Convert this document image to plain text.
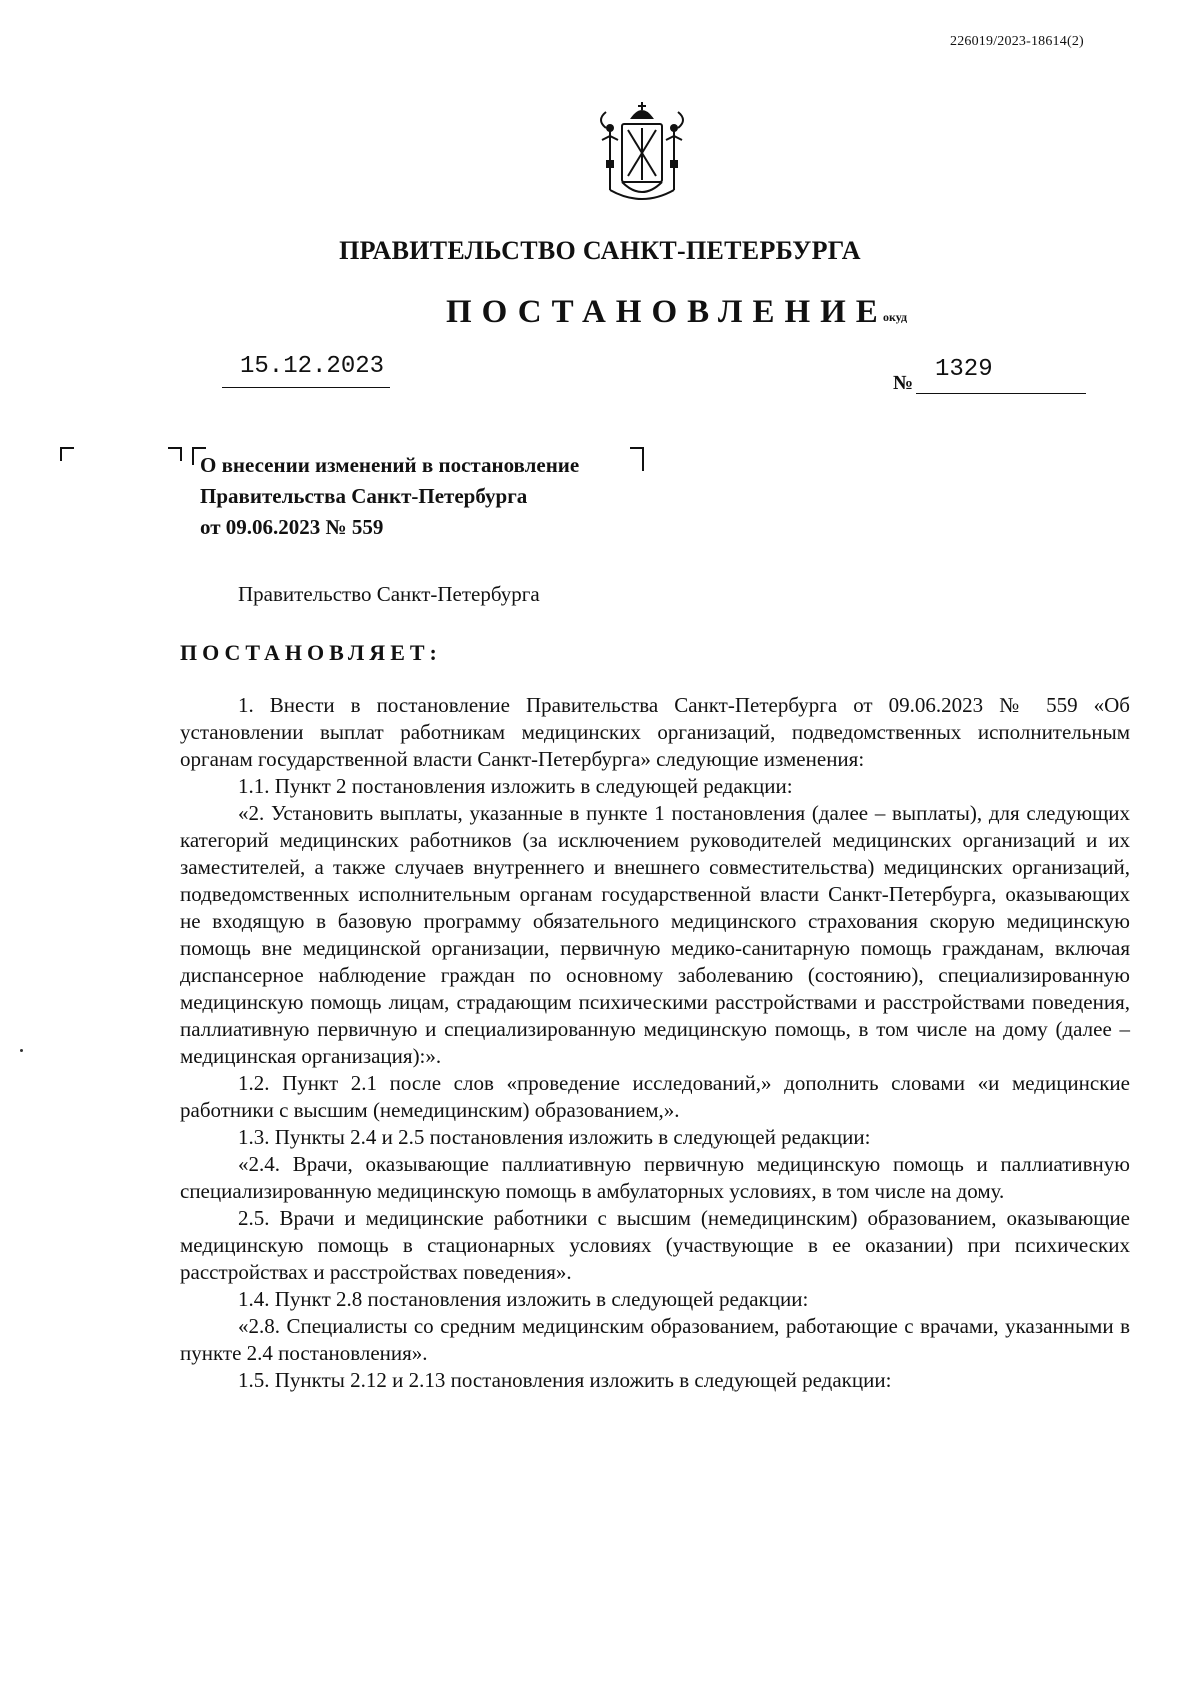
226019/2023-18614(2)
ПРАВИТЕЛЬСТВО САНКТ-ПЕТЕРБУРГА
ПОСТАНОВЛЕНИЕ
окуд
15.12.2023
№ 1329
О внесении изменений в постановление
Правительства Санкт-Петербурга
от 09.06.2023 № 559
Правительство Санкт-Петербурга
ПОСТАНОВЛЯЕТ:

1. Внести в постановление Правительства Санкт-Петербурга от 09.06.2023 № 559 «Об установлении выплат работникам медицинских организаций, подведомственных исполнительным органам государственной власти Санкт-Петербурга» следующие изменения:

1.1. Пункт 2 постановления изложить в следующей редакции:

«2. Установить выплаты, указанные в пункте 1 постановления (далее – выплаты), для следующих категорий медицинских работников (за исключением руководителей медицинских организаций и их заместителей, а также случаев внутреннего и внешнего совместительства) медицинских организаций, подведомственных исполнительным органам государственной власти Санкт-Петербурга, оказывающих не входящую в базовую программу обязательного медицинского страхования скорую медицинскую помощь вне медицинской организации, первичную медико-санитарную помощь гражданам, включая диспансерное наблюдение граждан по основному заболеванию (состоянию), специализированную медицинскую помощь лицам, страдающим психическими расстройствами и расстройствами поведения, паллиативную первичную и специализированную медицинскую помощь, в том числе на дому (далее – медицинская организация):».

1.2. Пункт 2.1 после слов «проведение исследований,» дополнить словами «и медицинские работники с высшим (немедицинским) образованием,».

1.3. Пункты 2.4 и 2.5 постановления изложить в следующей редакции:

«2.4. Врачи, оказывающие паллиативную первичную медицинскую помощь и паллиативную специализированную медицинскую помощь в амбулаторных условиях, в том числе на дому.

2.5. Врачи и медицинские работники с высшим (немедицинским) образованием, оказывающие медицинскую помощь в стационарных условиях (участвующие в ее оказании) при психических расстройствах и расстройствах поведения».

1.4. Пункт 2.8 постановления изложить в следующей редакции:

«2.8. Специалисты со средним медицинским образованием, работающие с врачами, указанными в пункте 2.4 постановления».

1.5. Пункты 2.12 и 2.13 постановления изложить в следующей редакции:
